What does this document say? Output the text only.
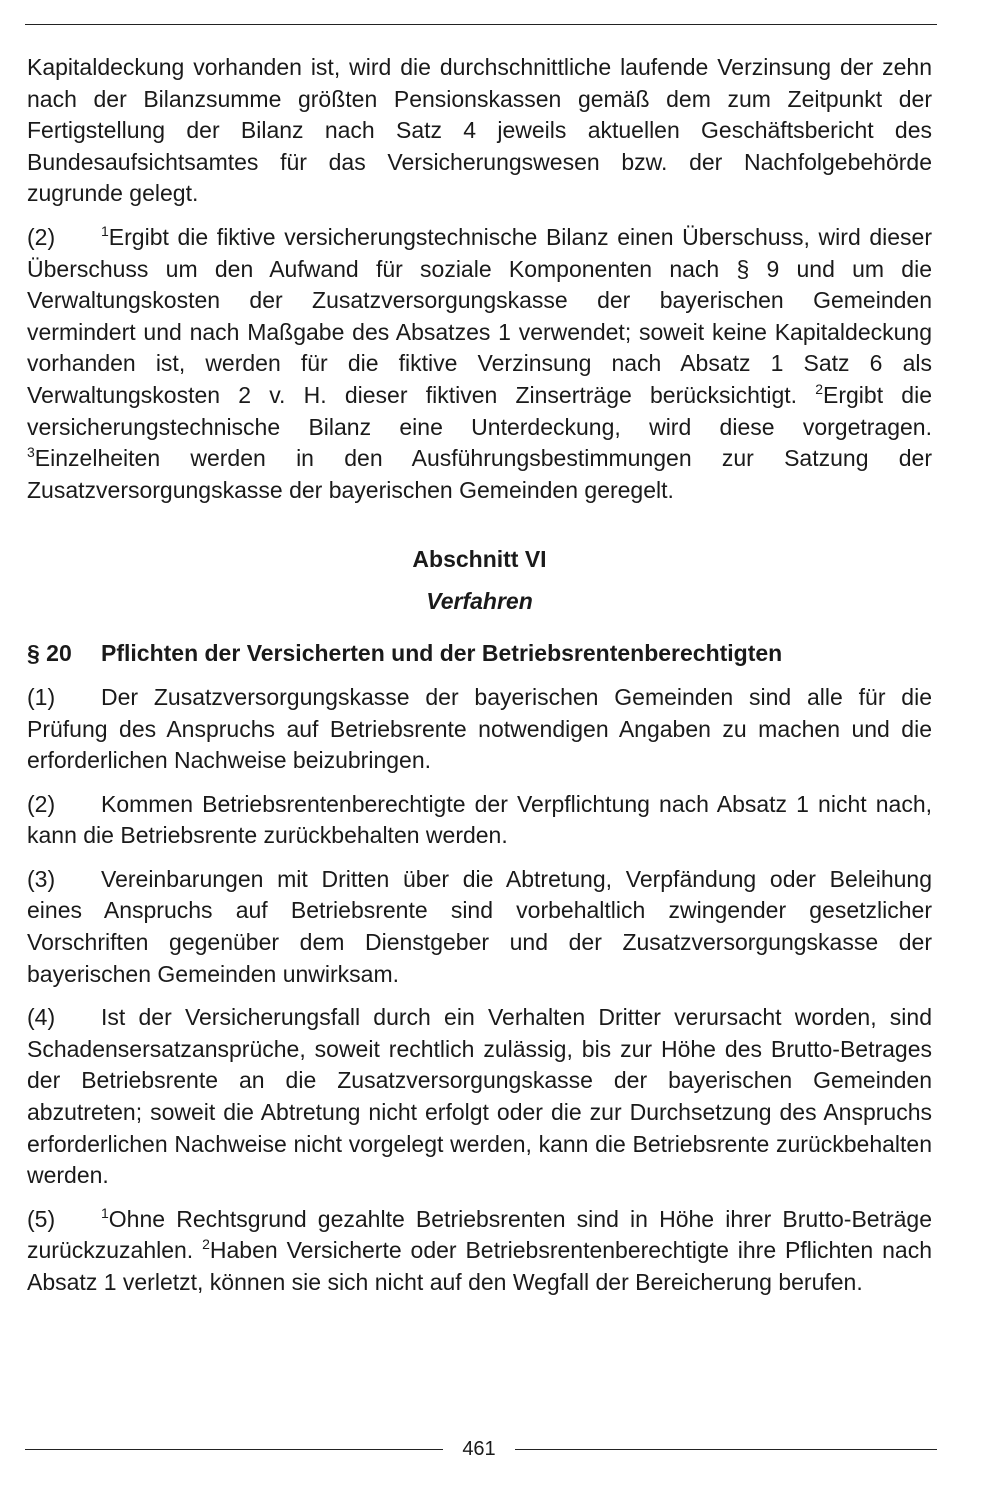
Kapitaldeckung vorhanden ist, wird die durchschnittliche laufende Verzinsung der zehn nach der Bilanzsumme größten Pensionskassen gemäß dem zum Zeitpunkt der Fertigstellung der Bilanz nach Satz 4 jeweils aktuellen Geschäftsbericht des Bundesaufsichtsamtes für das Versicherungswesen bzw. der Nachfolgebehörde zugrunde gelegt.

(2)	$^1$Ergibt die fiktive versicherungstechnische Bilanz einen Überschuss, wird dieser Überschuss um den Aufwand für soziale Komponenten nach § 9 und um die Verwaltungskosten der Zusatzversorgungskasse der bayerischen Gemeinden vermindert und nach Maßgabe des Absatzes 1 verwendet; soweit keine Kapitaldeckung vorhanden ist, werden für die fiktive Verzinsung nach Absatz 1 Satz 6 als Verwaltungskosten 2 v. H. dieser fiktiven Zinserträge berücksichtigt. $^2$Ergibt die versicherungstechnische Bilanz eine Unterdeckung, wird diese vorgetragen. $^3$Einzelheiten werden in den Ausführungsbestimmungen zur Satzung der Zusatzversorgungskasse der bayerischen Gemeinden geregelt.

Abschnitt VI
Verfahren
§ 20 Pflichten der Versicherten und der Betriebsrentenberechtigten

(1) Der Zusatzversorgungskasse der bayerischen Gemeinden sind alle für die Prüfung des Anspruchs auf Betriebsrente notwendigen Angaben zu machen und die erforderlichen Nachweise beizubringen.

(2) Kommen Betriebsrentenberechtigte der Verpflichtung nach Absatz 1 nicht nach, kann die Betriebsrente zurückbehalten werden.

(3) Vereinbarungen mit Dritten über die Abtretung, Verpfändung oder Beleihung eines Anspruchs auf Betriebsrente sind vorbehaltlich zwingender gesetzlicher Vorschriften gegenüber dem Dienstgeber und der Zusatzversorgungskasse der bayerischen Gemeinden unwirksam.

(4) Ist der Versicherungsfall durch ein Verhalten Dritter verursacht worden, sind Schadensersatzansprüche, soweit rechtlich zulässig, bis zur Höhe des Brutto-Betrages der Betriebsrente an die Zusatzversorgungskasse der bayerischen Gemeinden abzutreten; soweit die Abtretung nicht erfolgt oder die zur Durchsetzung des Anspruchs erforderlichen Nachweise nicht vorgelegt werden, kann die Betriebsrente zurückbehalten werden.

(5)	$^1$Ohne Rechtsgrund gezahlte Betriebsrenten sind in Höhe ihrer Brutto-Beträge zurückzuzahlen. $^2$Haben Versicherte oder Betriebsrentenberechtigte ihre Pflichten nach Absatz 1 verletzt, können sie sich nicht auf den Wegfall der Bereicherung berufen.

461
